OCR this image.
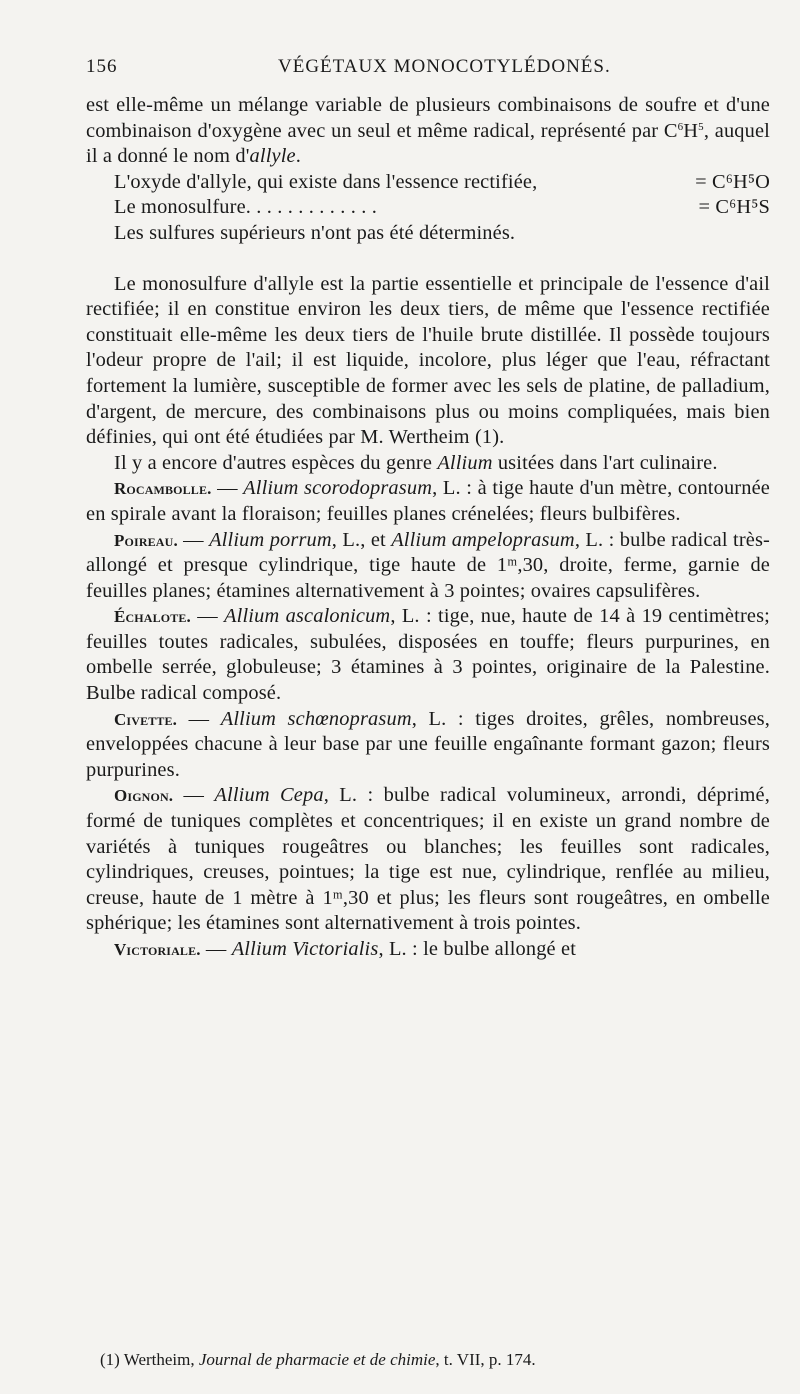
156	VÉGÉTAUX MONOCOTYLÉDONÉS.

est elle-même un mélange variable de plusieurs combinaisons de soufre et d'une combinaison d'oxygène avec un seul et même radical, représenté par $C^6H^5$, auquel il a donné le nom d'allyle.

L'oxyde d'allyle, qui existe dans l'essence rectifiée,	= C⁶H⁵O

Le monosulfure. . . . . . . . . . . . .	= C⁶H⁵S

Les sulfures supérieurs n'ont pas été déterminés.

Le monosulfure d'allyle est la partie essentielle et principale de l'essence d'ail rectifiée; il en constitue environ les deux tiers, de même que l'essence rectifiée constituait elle-même les deux tiers de l'huile brute distillée. Il possède toujours l'odeur propre de l'ail; il est liquide, incolore, plus léger que l'eau, réfractant fortement la lumière, susceptible de former avec les sels de platine, de palladium, d'argent, de mercure, des combinaisons plus ou moins compliquées, mais bien définies, qui ont été étudiées par M. Wertheim (1).

Il y a encore d'autres espèces du genre Allium usitées dans l'art culinaire.

Rocambolle. — Allium scorodoprasum, L. : à tige haute d'un mètre, contournée en spirale avant la floraison; feuilles planes crénelées; fleurs bulbifères.

Poireau. — Allium porrum, L., et Allium ampeloprasum, L. : bulbe radical très-allongé et presque cylindrique, tige haute de 1ᵐ,30, droite, ferme, garnie de feuilles planes; étamines alternativement à 3 pointes; ovaires capsulifères.

Échalote. — Allium ascalonicum, L. : tige, nue, haute de 14 à 19 centimètres; feuilles toutes radicales, subulées, disposées en touffe; fleurs purpurines, en ombelle serrée, globuleuse; 3 étamines à 3 pointes, originaire de la Palestine. Bulbe radical composé.

Civette. — Allium schœnoprasum, L. : tiges droites, grêles, nombreuses, enveloppées chacune à leur base par une feuille engaînante formant gazon; fleurs purpurines.

Oignon. — Allium Cepa, L. : bulbe radical volumineux, arrondi, déprimé, formé de tuniques complètes et concentriques; il en existe un grand nombre de variétés à tuniques rougeâtres ou blanches; les feuilles sont radicales, cylindriques, creuses, pointues; la tige est nue, cylindrique, renflée au milieu, creuse, haute de 1 mètre à 1ᵐ,30 et plus; les fleurs sont rougeâtres, en ombelle sphérique; les étamines sont alternativement à trois pointes.

Victoriale. — Allium Victorialis, L. : le bulbe allongé et

(1) Wertheim, Journal de pharmacie et de chimie, t. VII, p. 174.
